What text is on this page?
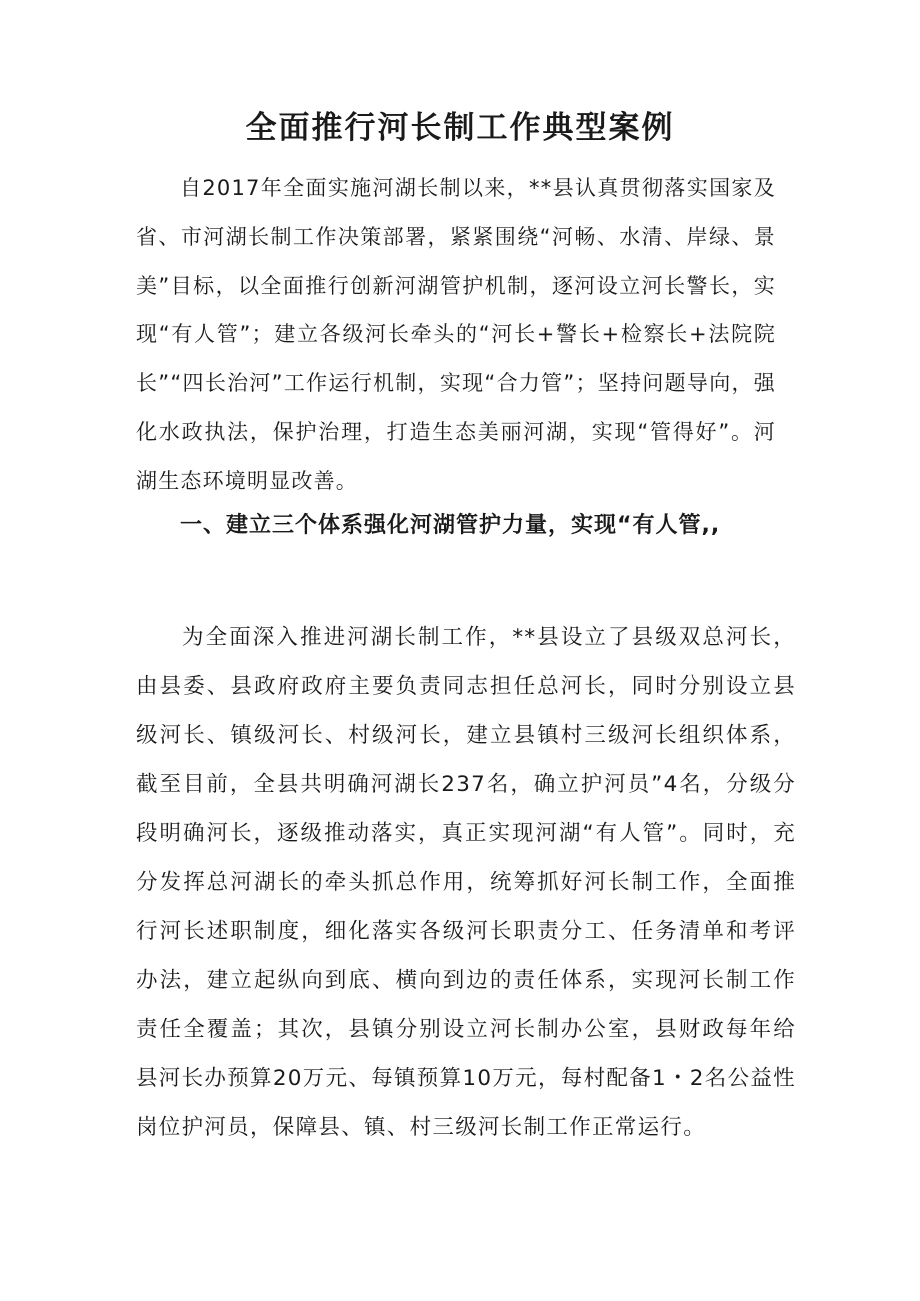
全面推行河长制工作典型案例

自2017年全面实施河湖长制以来，**县认真贯彻落实国家及省、市河湖长制工作决策部署，紧紧围绕“河畅、水清、岸绿、景美”目标，以全面推行创新河湖管护机制，逐河设立河长警长，实现“有人管”；建立各级河长牵头的“河长+警长+检察长+法院院长”“四长治河”工作运行机制，实现“合力管”；坚持问题导向，强化水政执法，保护治理，打造生态美丽河湖，实现“管得好”。河湖生态环境明显改善。

一、建立三个体系强化河湖管护力量，实现“有人管,,

为全面深入推进河湖长制工作，**县设立了县级双总河长，由县委、县政府政府主要负责同志担任总河长，同时分别设立县级河长、镇级河长、村级河长，建立县镇村三级河长组织体系，截至目前，全县共明确河湖长237名，确立护河员”4名，分级分段明确河长，逐级推动落实，真正实现河湖“有人管”。同时，充分发挥总河湖长的牵头抓总作用，统筹抓好河长制工作，全面推行河长述职制度，细化落实各级河长职责分工、任务清单和考评办法，建立起纵向到底、横向到边的责任体系，实现河长制工作责任全覆盖；其次，县镇分别设立河长制办公室，县财政每年给县河长办预算20万元、每镇预算10万元，每村配备1・2名公益性岗位护河员，保障县、镇、村三级河长制工作正常运行。
